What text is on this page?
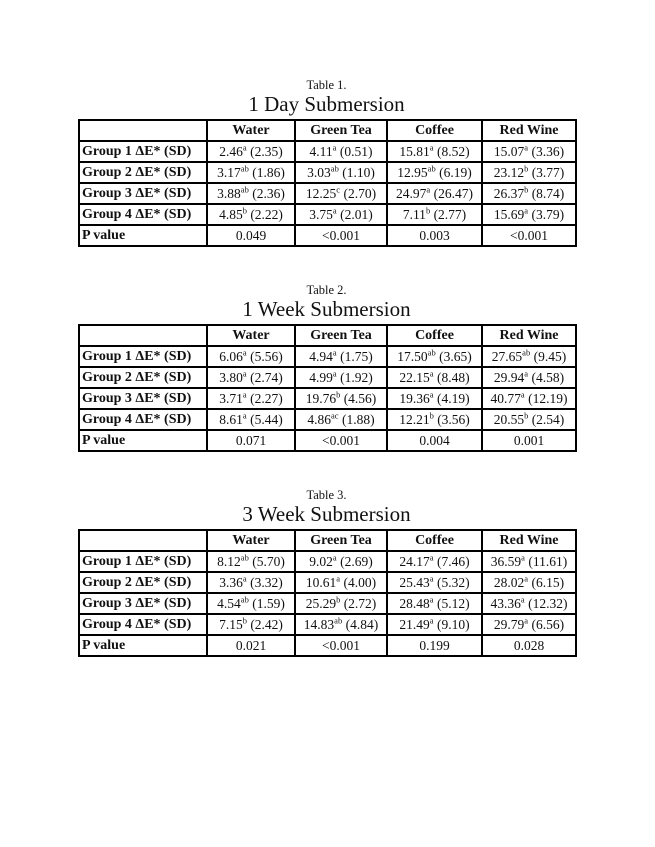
Table 1.
1 Day Submersion
	Water	Green Tea	Coffee	Red Wine
Group 1 ΔE* (SD)	2.46$^a$ (2.35)	4.11$^a$ (0.51)	15.81$^a$ (8.52)	15.07$^a$ (3.36)
Group 2 ΔE* (SD)	3.17$^{ab}$ (1.86)	3.03$^{ab}$ (1.10)	12.95$^{ab}$ (6.19)	23.12$^b$ (3.77)
Group 3 ΔE* (SD)	3.88$^{ab}$ (2.36)	12.25$^c$ (2.70)	24.97$^a$ (26.47)	26.37$^b$ (8.74)
Group 4 ΔE* (SD)	4.85$^b$ (2.22)	3.75$^a$ (2.01)	7.11$^b$ (2.77)	15.69$^a$ (3.79)
P value	0.049	<0.001	0.003	<0.001
Table 2.
1 Week Submersion
	Water	Green Tea	Coffee	Red Wine
Group 1 ΔE* (SD)	6.06$^a$ (5.56)	4.94$^a$ (1.75)	17.50$^{ab}$ (3.65)	27.65$^{ab}$ (9.45)
Group 2 ΔE* (SD)	3.80$^a$ (2.74)	4.99$^a$ (1.92)	22.15$^a$ (8.48)	29.94$^a$ (4.58)
Group 3 ΔE* (SD)	3.71$^a$ (2.27)	19.76$^b$ (4.56)	19.36$^a$ (4.19)	40.77$^a$ (12.19)
Group 4 ΔE* (SD)	8.61$^a$ (5.44)	4.86$^{ac}$ (1.88)	12.21$^b$ (3.56)	20.55$^b$ (2.54)
P value	0.071	<0.001	0.004	0.001
Table 3.
3 Week Submersion
	Water	Green Tea	Coffee	Red Wine
Group 1 ΔE* (SD)	8.12$^{ab}$ (5.70)	9.02$^a$ (2.69)	24.17$^a$ (7.46)	36.59$^a$ (11.61)
Group 2 ΔE* (SD)	3.36$^a$ (3.32)	10.61$^a$ (4.00)	25.43$^a$ (5.32)	28.02$^a$ (6.15)
Group 3 ΔE* (SD)	4.54$^{ab}$ (1.59)	25.29$^b$ (2.72)	28.48$^a$ (5.12)	43.36$^a$ (12.32)
Group 4 ΔE* (SD)	7.15$^b$ (2.42)	14.83$^{ab}$ (4.84)	21.49$^a$ (9.10)	29.79$^a$ (6.56)
P value	0.021	<0.001	0.199	0.028
